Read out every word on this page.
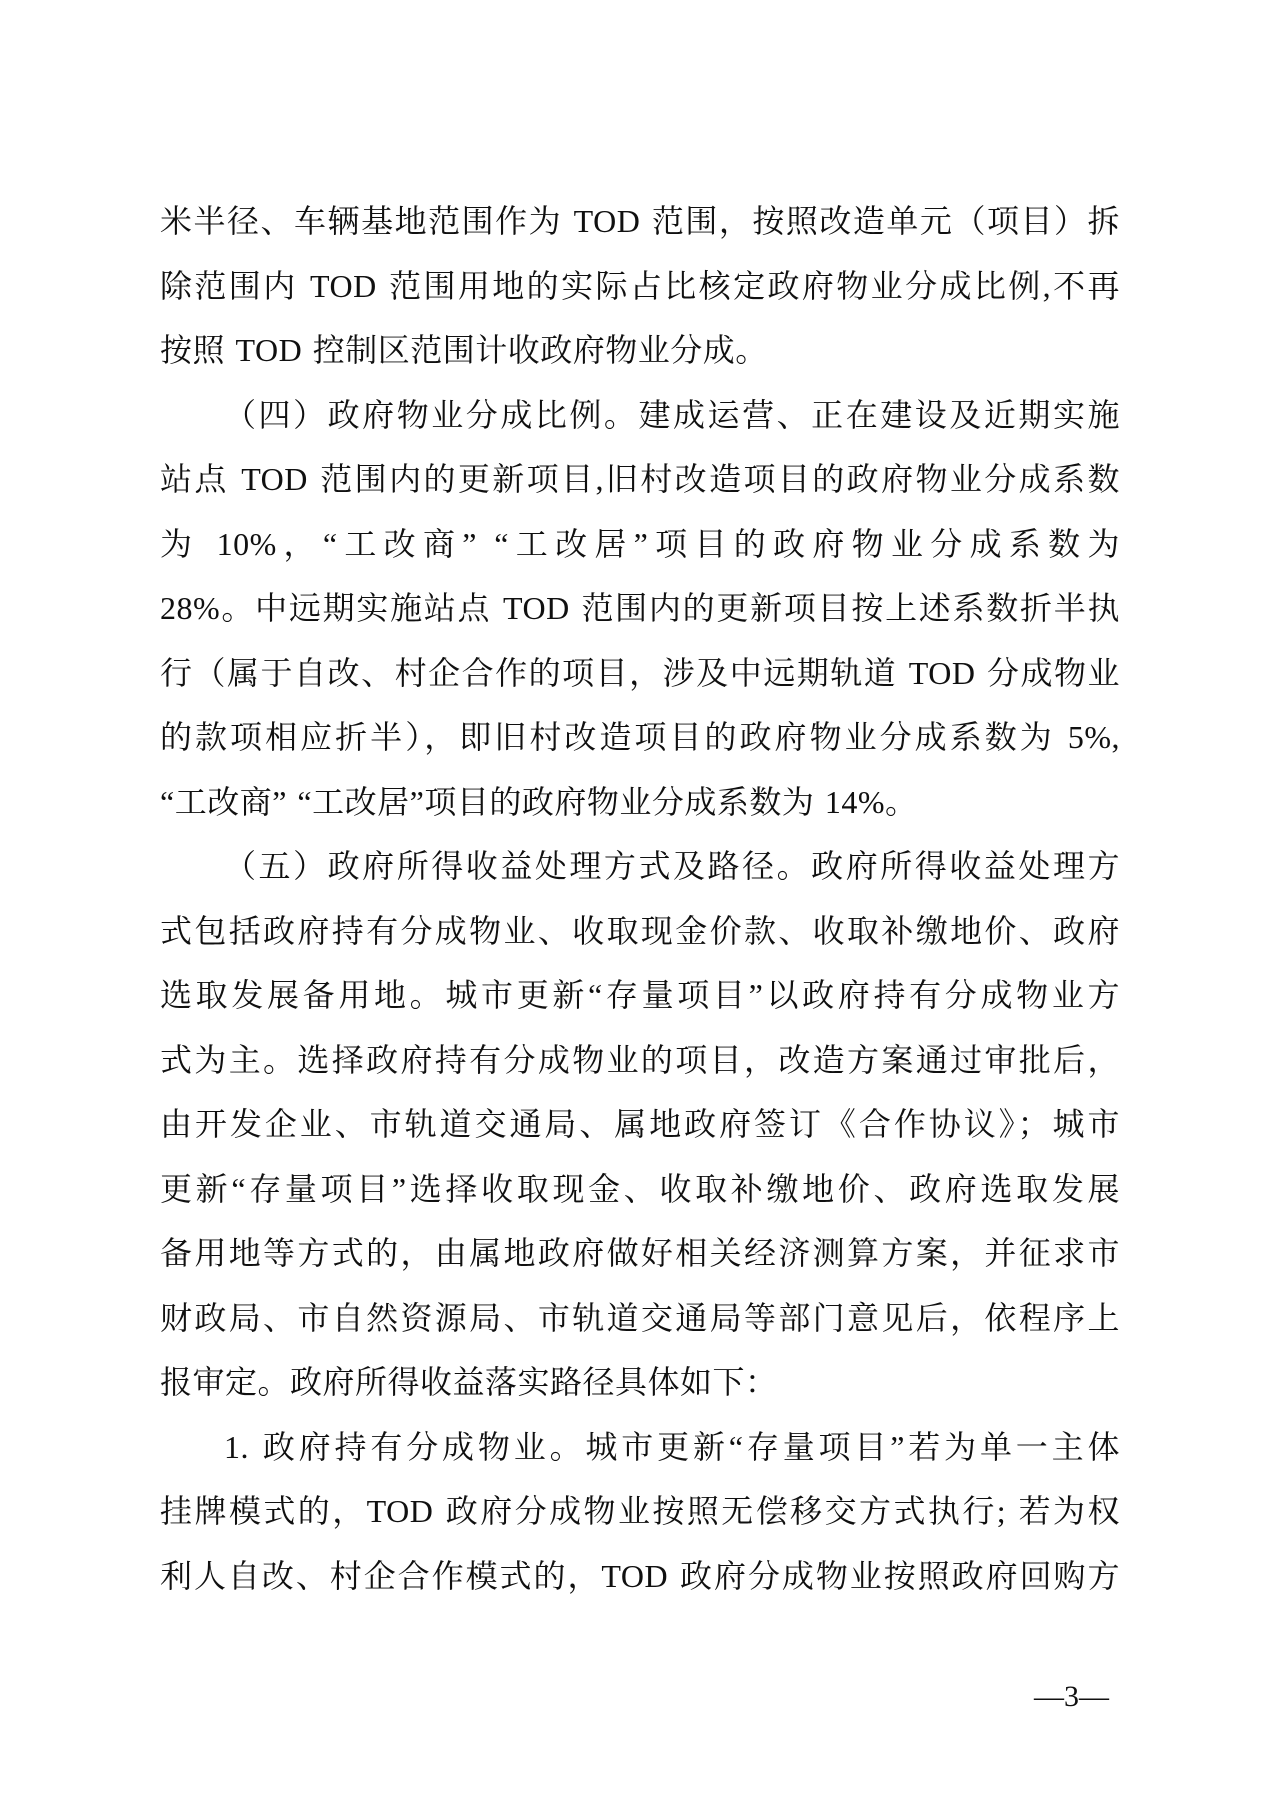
米半径、车辆基地范围作为 TOD 范围，按照改造单元（项目）拆
除范围内 TOD 范围用地的实际占比核定政府物业分成比例,不再
按照 TOD 控制区范围计收政府物业分成。
（四）政府物业分成比例。建成运营、正在建设及近期实施
站点 TOD 范围内的更新项目,旧村改造项目的政府物业分成系数
为 10%，“工改商” “工改居”项目的政府物业分成系数为
28%。中远期实施站点 TOD 范围内的更新项目按上述系数折半执
行（属于自改、村企合作的项目，涉及中远期轨道 TOD 分成物业
的款项相应折半），即旧村改造项目的政府物业分成系数为 5%,
“工改商” “工改居”项目的政府物业分成系数为 14%。
（五）政府所得收益处理方式及路径。政府所得收益处理方
式包括政府持有分成物业、收取现金价款、收取补缴地价、政府
选取发展备用地。城市更新“存量项目”以政府持有分成物业方
式为主。选择政府持有分成物业的项目，改造方案通过审批后，
由开发企业、市轨道交通局、属地政府签订《合作协议》；城市
更新“存量项目”选择收取现金、收取补缴地价、政府选取发展
备用地等方式的，由属地政府做好相关经济测算方案，并征求市
财政局、市自然资源局、市轨道交通局等部门意见后，依程序上
报审定。政府所得收益落实路径具体如下：
1. 政府持有分成物业。城市更新“存量项目”若为单一主体
挂牌模式的，TOD 政府分成物业按照无偿移交方式执行; 若为权
利人自改、村企合作模式的，TOD 政府分成物业按照政府回购方
—3—
